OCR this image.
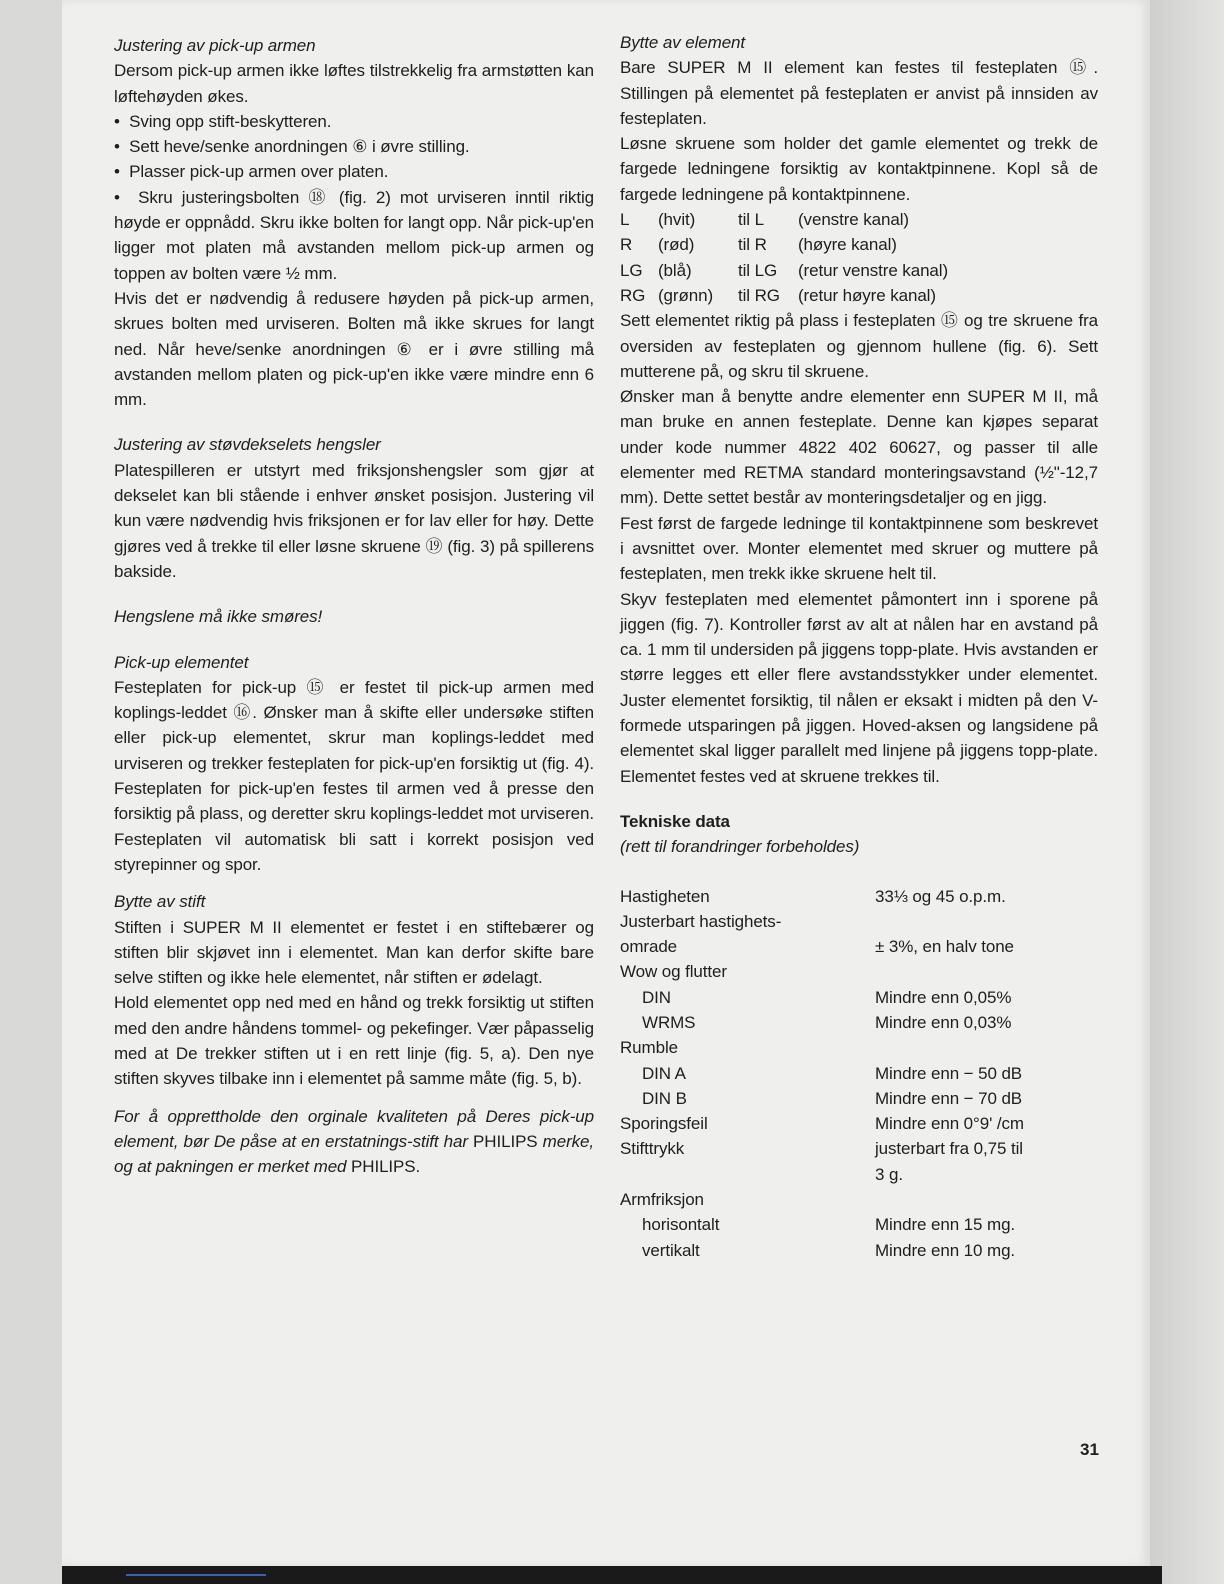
Justering av pick-up armen

Dersom pick-up armen ikke løftes tilstrekkelig fra armstøtten kan løftehøyden økes.

•  Sving opp stift-beskytteren.

•  Sett heve/senke anordningen ⑥ i øvre stilling.

•  Plasser pick-up armen over platen.

•  Skru justeringsbolten ⑱ (fig. 2) mot urviseren inntil riktig høyde er oppnådd. Skru ikke bolten for langt opp. Når pick-up'en ligger mot platen må avstanden mellom pick-up armen og toppen av bolten være ½ mm.

Hvis det er nødvendig å redusere høyden på pick-up armen, skrues bolten med urviseren. Bolten må ikke skrues for langt ned. Når heve/senke anordningen ⑥ er i øvre stilling må avstanden mellom platen og pick-up'en ikke være mindre enn 6 mm.

Justering av støvdekselets hengsler

Platespilleren er utstyrt med friksjonshengsler som gjør at dekselet kan bli stående i enhver ønsket posisjon. Justering vil kun være nødvendig hvis friksjonen er for lav eller for høy. Dette gjøres ved å trekke til eller løsne skruene ⑲ (fig. 3) på spillerens bakside.

Hengslene må ikke smøres!

Pick-up elementet

Festeplaten for pick-up ⑮ er festet til pick-up armen med koplings-leddet ⑯. Ønsker man å skifte eller undersøke stiften eller pick-up elementet, skrur man koplings-leddet med urviseren og trekker festeplaten for pick-up'en forsiktig ut (fig. 4). Festeplaten for pick-up'en festes til armen ved å presse den forsiktig på plass, og deretter skru koplings-leddet mot urviseren. Festeplaten vil automatisk bli satt i korrekt posisjon ved styrepinner og spor.

Bytte av stift

Stiften i SUPER M II elementet er festet i en stiftebærer og stiften blir skjøvet inn i elementet. Man kan derfor skifte bare selve stiften og ikke hele elementet, når stiften er ødelagt.

Hold elementet opp ned med en hånd og trekk forsiktig ut stiften med den andre håndens tommel- og pekefinger. Vær påpasselig med at De trekker stiften ut i en rett linje (fig. 5, a). Den nye stiften skyves tilbake inn i elementet på samme måte (fig. 5, b).

For å opprettholde den orginale kvaliteten på Deres pick-up element, bør De påse at en erstatnings-stift har PHILIPS merke, og at pakningen er merket med PHILIPS.

Bytte av element

Bare SUPER M II element kan festes til festeplaten ⑮. Stillingen på elementet på festeplaten er anvist på innsiden av festeplaten.

Løsne skruene som holder det gamle elementet og trekk de fargede ledningene forsiktig av kontaktpinnene. Kopl så de fargede ledningene på kontaktpinnene.

L	(hvit)	til L	(venstre kanal)
R	(rød)	til R	(høyre kanal)
LG (blå)	til LG	(retur venstre kanal)
RG (grønn)	til RG	(retur høyre kanal)

Sett elementet riktig på plass i festeplaten ⑮ og tre skruene fra oversiden av festeplaten og gjennom hullene (fig. 6). Sett mutterene på, og skru til skruene.

Ønsker man å benytte andre elementer enn SUPER M II, må man bruke en annen festeplate. Denne kan kjøpes separat under kode nummer 4822 402 60627, og passer til alle elementer med RETMA standard monteringsavstand (½"-12,7 mm). Dette settet består av monteringsdetaljer og en jigg.

Fest først de fargede ledninge til kontaktpinnene som beskrevet i avsnittet over. Monter elementet med skruer og muttere på festeplaten, men trekk ikke skruene helt til.

Skyv festeplaten med elementet påmontert inn i sporene på jiggen (fig. 7). Kontroller først av alt at nålen har en avstand på ca. 1 mm til undersiden på jiggens topp-plate. Hvis avstanden er større legges ett eller flere avstandsstykker under elementet. Juster elementet forsiktig, til nålen er eksakt i midten på den V-formede utsparingen på jiggen. Hoved-aksen og langsidene på elementet skal ligger parallelt med linjene på jiggens topp-plate. Elementet festes ved at skruene trekkes til.

Tekniske data

(rett til forandringer forbeholdes)

Hastigheten	33⅓ og 45 o.p.m.
Justerbart hastighets-
omrade	± 3%, en halv tone
Wow og flutter
DIN	Mindre enn 0,05%
WRMS	Mindre enn 0,03%
Rumble
DIN A	Mindre enn − 50 dB
DIN B	Mindre enn − 70 dB
Sporingsfeil	Mindre enn 0°9' /cm
Stifttrykk	justerbart fra 0,75 til
3 g.
Armfriksjon
horisontalt	Mindre enn 15 mg.
vertikalt	Mindre enn 10 mg.
31
